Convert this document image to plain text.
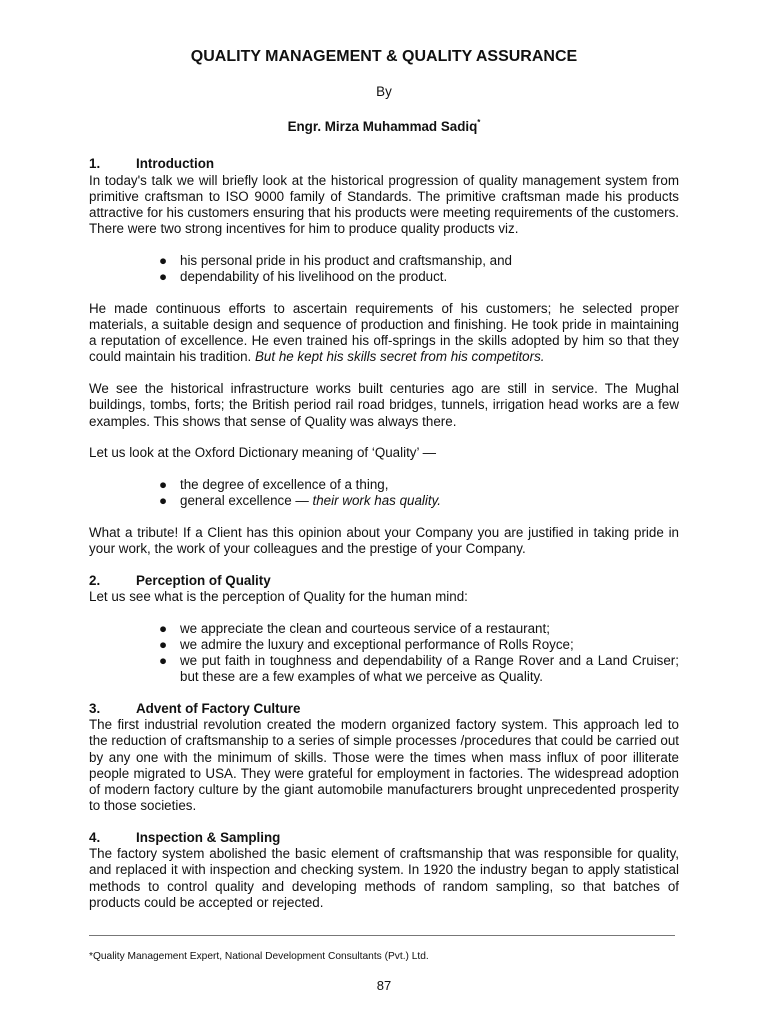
QUALITY MANAGEMENT & QUALITY ASSURANCE
By
Engr. Mirza Muhammad Sadiq*
1.	Introduction

In today's talk we will briefly look at the historical progression of quality management system from primitive craftsman to ISO 9000 family of Standards. The primitive craftsman made his products attractive for his customers ensuring that his products were meeting requirements of the customers. There were two strong incentives for him to produce quality products viz.

● his personal pride in his product and craftsmanship, and
● dependability of his livelihood on the product.

He made continuous efforts to ascertain requirements of his customers; he selected proper materials, a suitable design and sequence of production and finishing. He took pride in maintaining a reputation of excellence. He even trained his off-springs in the skills adopted by him so that they could maintain his tradition. But he kept his skills secret from his competitors.

We see the historical infrastructure works built centuries ago are still in service. The Mughal buildings, tombs, forts; the British period rail road bridges, tunnels, irrigation head works are a few examples. This shows that sense of Quality was always there.

Let us look at the Oxford Dictionary meaning of ‘Quality’ —

● the degree of excellence of a thing,
● general excellence — their work has quality.

What a tribute! If a Client has this opinion about your Company you are justified in taking pride in your work, the work of your colleagues and the prestige of your Company.

2.	Perception of Quality

Let us see what is the perception of Quality for the human mind:

● we appreciate the clean and courteous service of a restaurant;
● we admire the luxury and exceptional performance of Rolls Royce;
● we put faith in toughness and dependability of a Range Rover and a Land Cruiser; but these are a few examples of what we perceive as Quality.
3.	Advent of Factory Culture

The first industrial revolution created the modern organized factory system. This approach led to the reduction of craftsmanship to a series of simple processes /procedures that could be carried out by any one with the minimum of skills. Those were the times when mass influx of poor illiterate people migrated to USA. They were grateful for employment in factories. The widespread adoption of modern factory culture by the giant automobile manufacturers brought unprecedented prosperity to those societies.

4.	Inspection & Sampling

The factory system abolished the basic element of craftsmanship that was responsible for quality, and replaced it with inspection and checking system. In 1920 the industry began to apply statistical methods to control quality and developing methods of random sampling, so that batches of products could be accepted or rejected.

*Quality Management Expert, National Development Consultants (Pvt.) Ltd.
87
